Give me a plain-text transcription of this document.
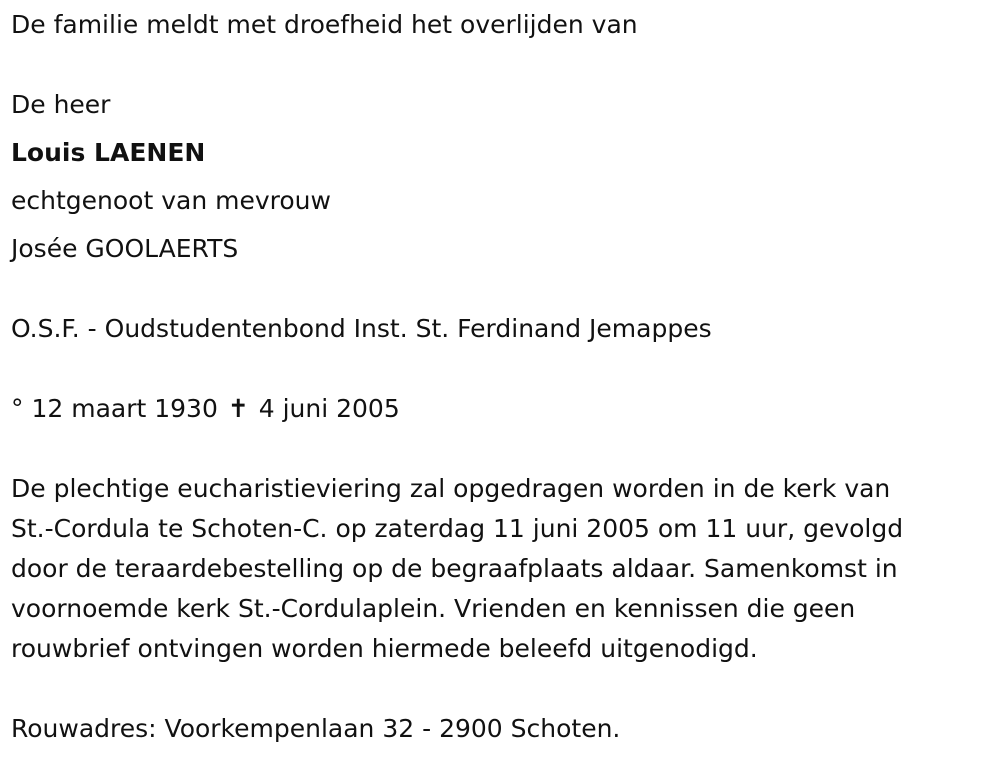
De familie meldt met droefheid het overlijden van
De heer
Louis LAENEN
echtgenoot van mevrouw
Josée GOOLAERTS
O.S.F. - Oudstudentenbond Inst. St. Ferdinand Jemappes
° 12 maart 1930 ✝ 4 juni 2005
De plechtige eucharistieviering zal opgedragen worden in de kerk van
St.-Cordula te Schoten-C. op zaterdag 11 juni 2005 om 11 uur, gevolgd
door de teraardebestelling op de begraafplaats aldaar. Samenkomst in
voornoemde kerk St.-Cordulaplein. Vrienden en kennissen die geen
rouwbrief ontvingen worden hiermede beleefd uitgenodigd.
Rouwadres: Voorkempenlaan 32 - 2900 Schoten.
